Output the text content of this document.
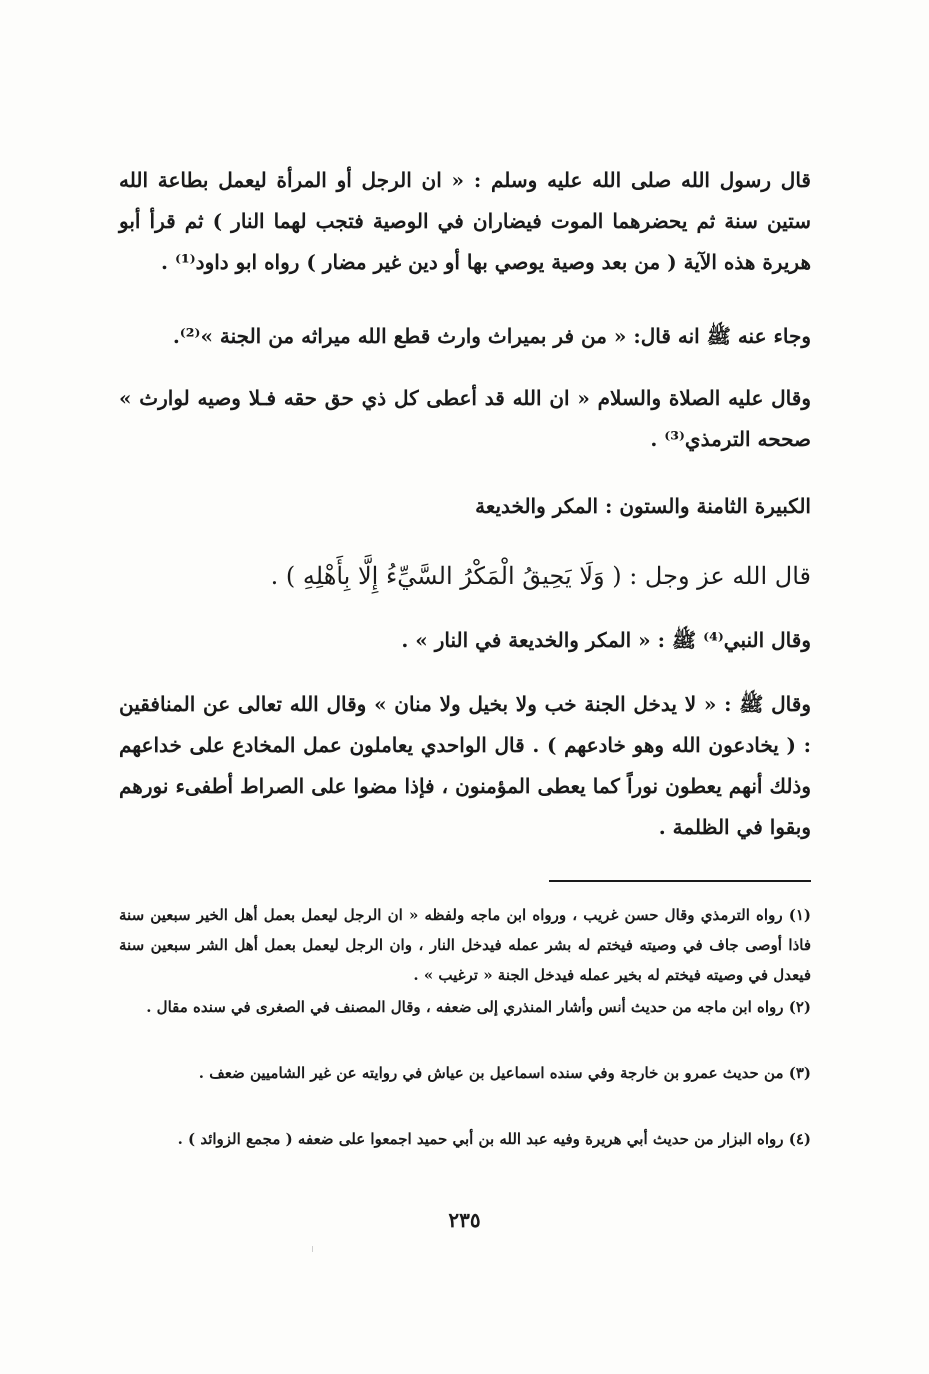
قال رسول الله صلى الله عليه وسلم : « ان الرجل أو المرأة ليعمل بطاعة الله ستين سنة ثم يحضرهما الموت فيضاران في الوصية فتجب لهما النار ) ثم قرأ أبو هريرة هذه الآية ( من بعد وصية يوصي بها أو دين غير مضار ) رواه ابو داود⁽¹⁾ .

وجاء عنه ﷺ انه قال: « من فر بميراث وارث قطع الله ميراثه من الجنة »⁽²⁾.

وقال عليه الصلاة والسلام « ان الله قد أعطى كل ذي حق حقه فـلا وصيه لوارث » صححه الترمذي⁽³⁾ .

الكبيرة الثامنة والستون : المكر والخديعة

قال الله عز وجل : ( وَلَا يَحِيقُ الْمَكْرُ السَّيِّءُ إِلَّا بِأَهْلِهِ ) .

وقال النبي⁽⁴⁾ ﷺ : « المكر والخديعة في النار » .

وقال ﷺ : « لا يدخل الجنة خب ولا بخيل ولا منان » وقال الله تعالى عن المنافقين : ( يخادعون الله وهو خادعهم ) . قال الواحدي يعاملون عمل المخادع على خداعهم وذلك أنهم يعطون نوراً كما يعطى المؤمنون ، فإذا مضوا على الصراط أطفىء نورهم وبقوا في الظلمة .

(١) رواه الترمذي وقال حسن غريب ، ورواه ابن ماجه ولفظه « ان الرجل ليعمل بعمل أهل الخير سبعين سنة فاذا أوصى جاف في وصيته فيختم له بشر عمله فيدخل النار ، وان الرجل ليعمل بعمل أهل الشر سبعين سنة فيعدل في وصيته فيختم له بخير عمله فيدخل الجنة « ترغيب » .

(٢) رواه ابن ماجه من حديث أنس وأشار المنذري إلى ضعفه ، وقال المصنف في الصغرى في سنده مقال .

(٣) من حديث عمرو بن خارجة وفي سنده اسماعيل بن عياش في روايته عن غير الشاميين ضعف .

(٤) رواه البزار من حديث أبي هريرة وفيه عبد الله بن أبي حميد اجمعوا على ضعفه ( مجمع الزوائد ) .

٢٣٥
